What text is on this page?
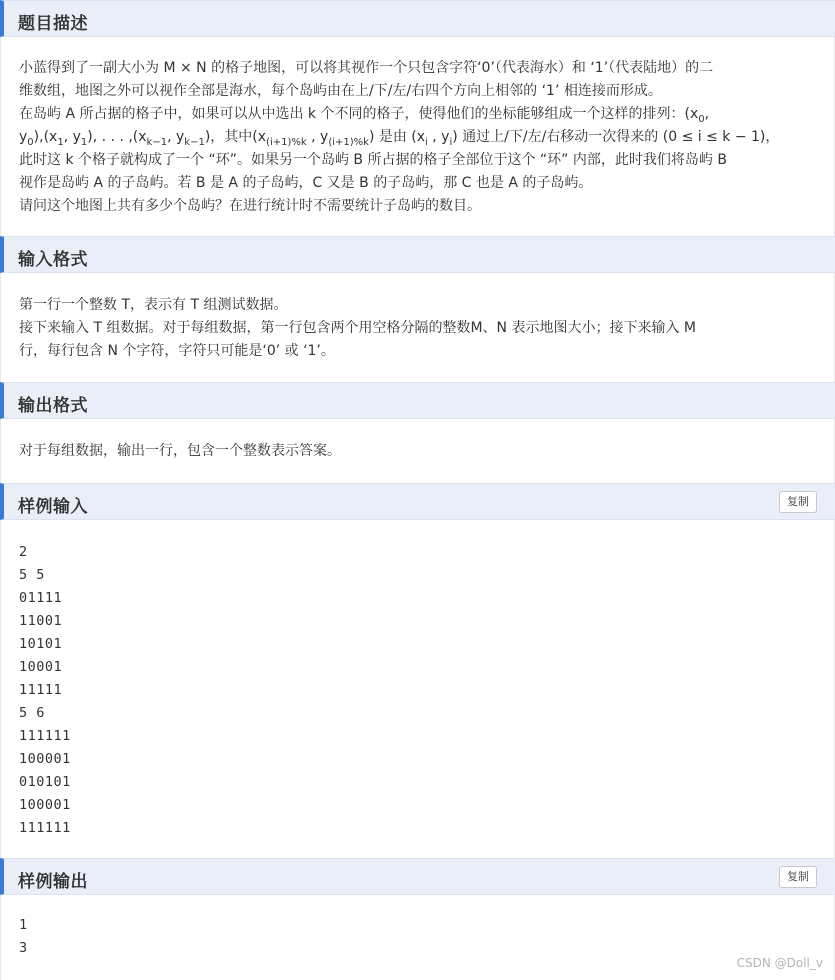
题目描述
小蓝得到了一副大小为 M × N 的格子地图，可以将其视作一个只包含字符‘0’（代表海水）和 ‘1’（代表陆地）的二
维数组，地图之外可以视作全部是海水，每个岛屿由在上/下/左/右四个方向上相邻的 ‘1’ 相连接而形成。
在岛屿 A 所占据的格子中，如果可以从中选出 k 个不同的格子，使得他们的坐标能够组成一个这样的排列：($x_0$,
$y_0),(x_1$, $y_1$), . . . $,(x_{k-1}$, $y_{k-1}$)，其中($x_{(i+1)\%k}$ , $y_{(i+1)\%k}$) 是由 ($x_i$ , $y_i$) 通过上/下/左/右移动一次得来的 (0 ≤ i ≤ k − 1)，
此时这 k 个格子就构成了一个 “环”。如果另一个岛屿 B 所占据的格子全部位于这个 “环” 内部，此时我们将岛屿 B
视作是岛屿 A 的子岛屿。若 B 是 A 的子岛屿，C 又是 B 的子岛屿，那 C 也是 A 的子岛屿。
请问这个地图上共有多少个岛屿？在进行统计时不需要统计子岛屿的数目。
输入格式
第一行一个整数 T，表示有 T 组测试数据。
接下来输入 T 组数据。对于每组数据，第一行包含两个用空格分隔的整数M、N 表示地图大小；接下来输入 M
行，每行包含 N 个字符，字符只可能是‘0’ 或 ‘1’。
输出格式
对于每组数据，输出一行，包含一个整数表示答案。
样例输入	复制
2
5 5
01111
11001
10101
10001
11111
5 6
111111
100001
010101
100001
111111
样例输出	复制
1
3
CSDN @Doll_v
